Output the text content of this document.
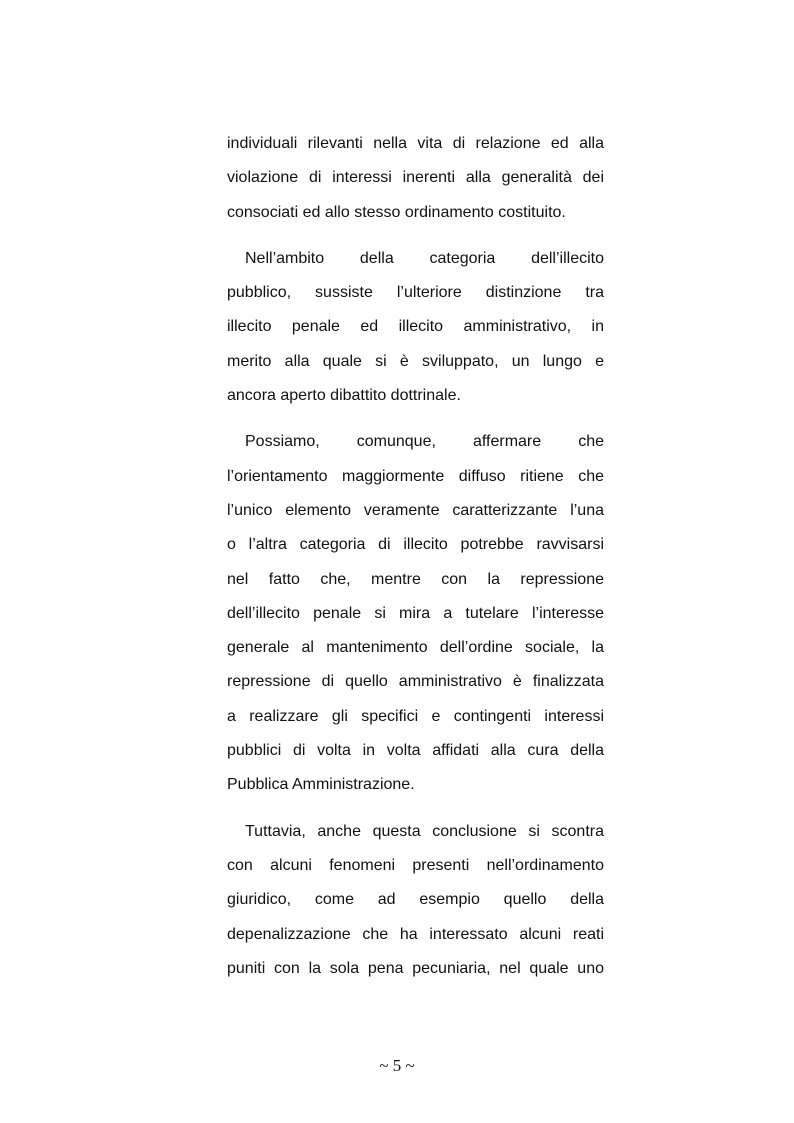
individuali rilevanti nella vita di relazione ed alla
violazione di interessi inerenti alla generalità dei
consociati ed allo stesso ordinamento costituito.
Nell’ambito della categoria dell’illecito
pubblico, sussiste l’ulteriore distinzione tra
illecito penale ed illecito amministrativo, in
merito alla quale si è sviluppato, un lungo e
ancora aperto dibattito dottrinale.
Possiamo, comunque, affermare che
l’orientamento maggiormente diffuso ritiene che
l’unico elemento veramente caratterizzante l’una
o l’altra categoria di illecito potrebbe ravvisarsi
nel fatto che, mentre con la repressione
dell’illecito penale si mira a tutelare l’interesse
generale al mantenimento dell’ordine sociale, la
repressione di quello amministrativo è finalizzata
a realizzare gli specifici e contingenti interessi
pubblici di volta in volta affidati alla cura della
Pubblica Amministrazione.
Tuttavia, anche questa conclusione si scontra
con alcuni fenomeni presenti nell’ordinamento
giuridico, come ad esempio quello della
depenalizzazione che ha interessato alcuni reati
puniti con la sola pena pecuniaria, nel quale uno
~ 5 ~
